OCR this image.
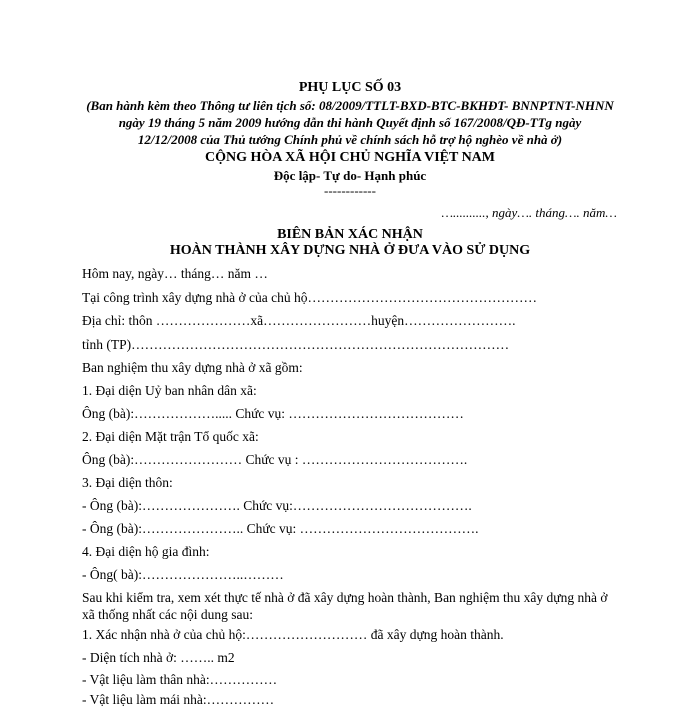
PHỤ LỤC SỐ 03
(Ban hành kèm theo Thông tư liên tịch số: 08/2009/TTLT-BXD-BTC-BKHĐT- BNNPTNT-NHNN
ngày 19 tháng 5 năm 2009 hướng dẫn thi hành Quyết định số 167/2008/QĐ-TTg ngày
12/12/2008 của Thủ tướng Chính phủ về chính sách hỗ trợ hộ nghèo về nhà ở)
CỘNG HÒA XÃ HỘI CHỦ NGHĨA VIỆT NAM
Độc lập- Tự do- Hạnh phúc
------------
….........., ngày…. tháng…. năm…
BIÊN BẢN XÁC NHẬN
HOÀN THÀNH XÂY DỰNG NHÀ Ở ĐƯA VÀO SỬ DỤNG
Hôm nay, ngày… tháng… năm …
Tại công trình xây dựng nhà ở của chủ hộ……………………………………………
Địa chỉ: thôn …………………xã……………………huyện…………………….
tỉnh (TP)…………………………………………………………………………
Ban nghiệm thu xây dựng nhà ở xã gồm:
1. Đại diện Uỷ ban nhân dân xã:
Ông (bà):………………..... Chức vụ: …………………………………
2. Đại diện Mặt trận Tổ quốc xã:
Ông (bà):…………………… Chức vụ : ……………………………….
3. Đại diện thôn:
- Ông (bà):…………………. Chức vụ:………………………………….
- Ông (bà):………………….. Chức vụ: ………………………………….
4. Đại diện hộ gia đình:
- Ông( bà):…………………..………
Sau khi kiểm tra, xem xét thực tế nhà ở đã xây dựng hoàn thành, Ban nghiệm thu xây dựng nhà ở
xã thống nhất các nội dung sau:
1. Xác nhận nhà ở của chủ hộ:……………………… đã xây dựng hoàn thành.
- Diện tích nhà ở: …….. m2
- Vật liệu làm thân nhà:……………
- Vật liệu làm mái nhà:……………
